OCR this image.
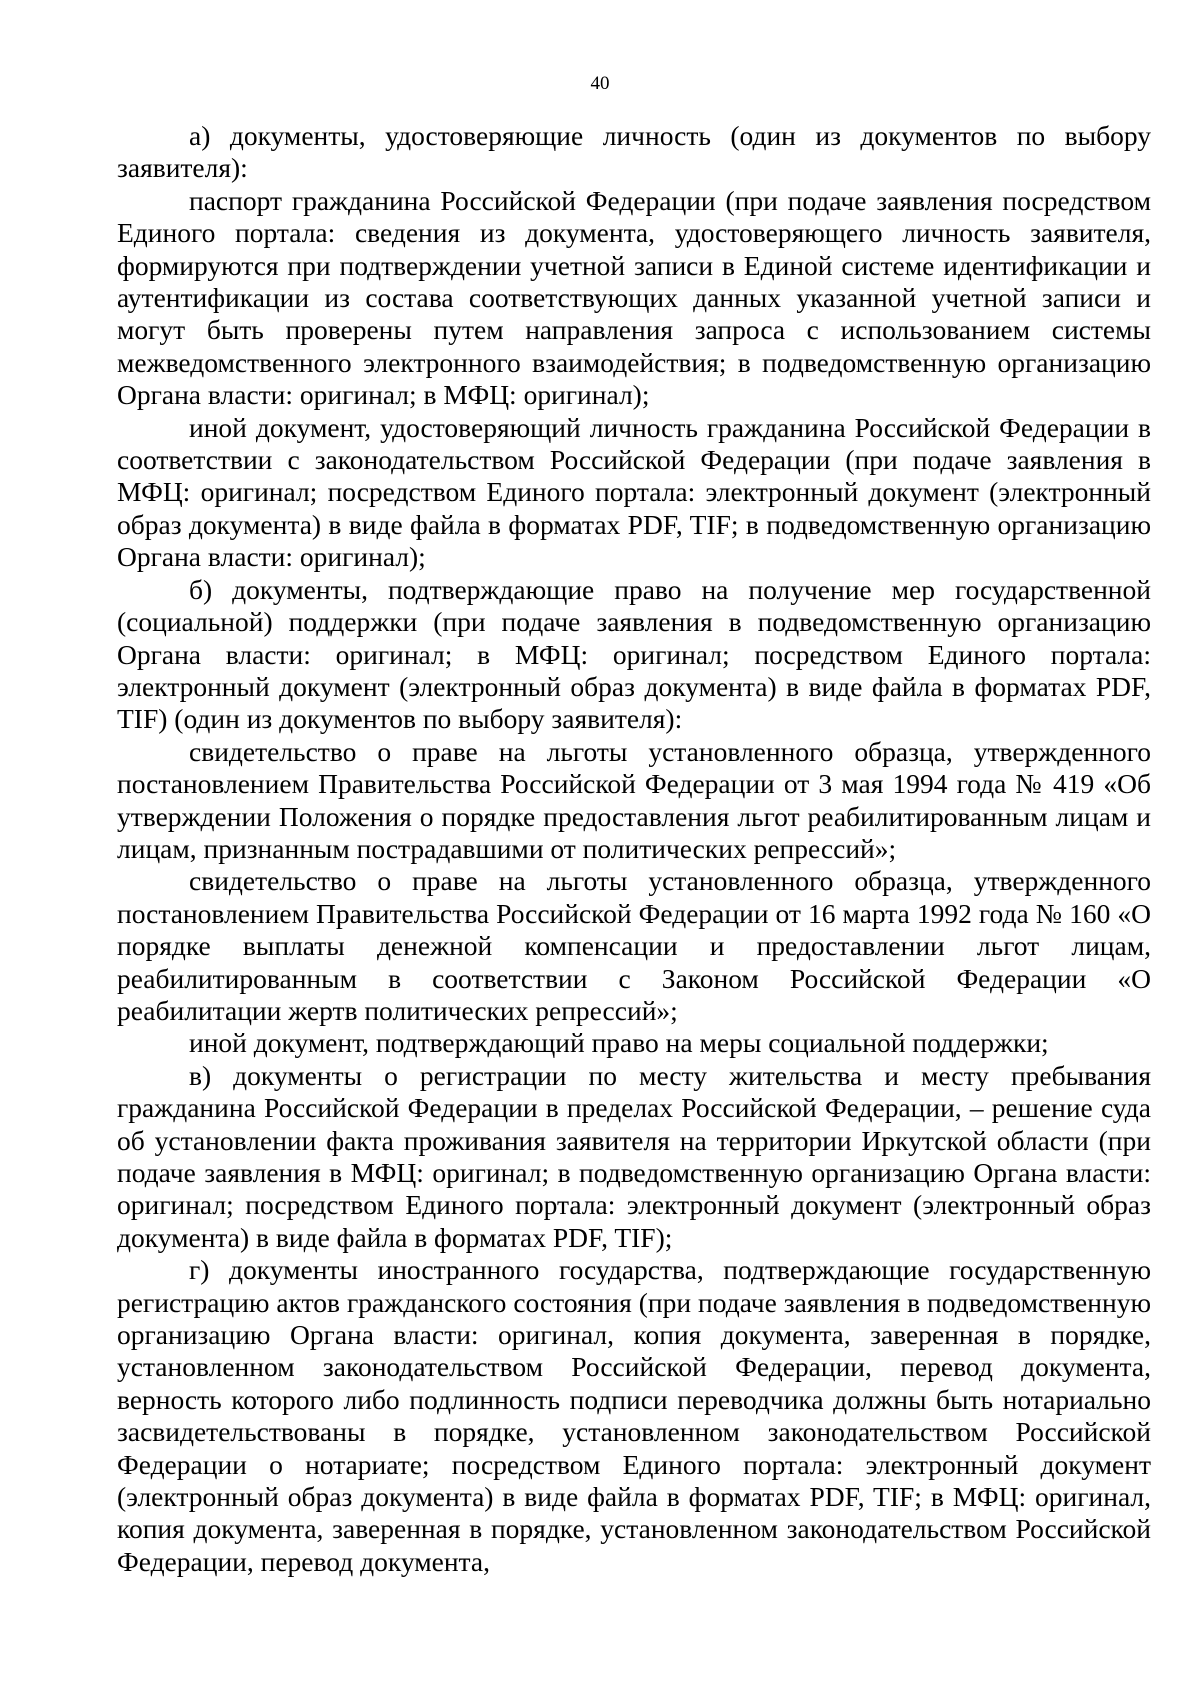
40

а) документы, удостоверяющие личность (один из документов по выбору заявителя):

паспорт гражданина Российской Федерации (при подаче заявления посредством Единого портала: сведения из документа, удостоверяющего личность заявителя, формируются при подтверждении учетной записи в Единой системе идентификации и аутентификации из состава соответствующих данных указанной учетной записи и могут быть проверены путем направления запроса с использованием системы межведомственного электронного взаимодействия; в подведомственную организацию Органа власти: оригинал; в МФЦ: оригинал);

иной документ, удостоверяющий личность гражданина Российской Федерации в соответствии с законодательством Российской Федерации (при подаче заявления в МФЦ: оригинал; посредством Единого портала: электронный документ (электронный образ документа) в виде файла в форматах PDF, TIF; в подведомственную организацию Органа власти: оригинал);

б) документы, подтверждающие право на получение мер государственной (социальной) поддержки (при подаче заявления в подведомственную организацию Органа власти: оригинал; в МФЦ: оригинал; посредством Единого портала: электронный документ (электронный образ документа) в виде файла в форматах PDF, TIF) (один из документов по выбору заявителя):

свидетельство о праве на льготы установленного образца, утвержденного постановлением Правительства Российской Федерации от 3 мая 1994 года № 419 «Об утверждении Положения о порядке предоставления льгот реабилитированным лицам и лицам, признанным пострадавшими от политических репрессий»;

свидетельство о праве на льготы установленного образца, утвержденного постановлением Правительства Российской Федерации от 16 марта 1992 года № 160 «О порядке выплаты денежной компенсации и предоставлении льгот лицам, реабилитированным в соответствии с Законом Российской Федерации «О реабилитации жертв политических репрессий»;

иной документ, подтверждающий право на меры социальной поддержки;

в) документы о регистрации по месту жительства и месту пребывания гражданина Российской Федерации в пределах Российской Федерации, – решение суда об установлении факта проживания заявителя на территории Иркутской области (при подаче заявления в МФЦ: оригинал; в подведомственную организацию Органа власти: оригинал; посредством Единого портала: электронный документ (электронный образ документа) в виде файла в форматах PDF, TIF);

г) документы иностранного государства, подтверждающие государственную регистрацию актов гражданского состояния (при подаче заявления в подведомственную организацию Органа власти: оригинал, копия документа, заверенная в порядке, установленном законодательством Российской Федерации, перевод документа, верность которого либо подлинность подписи переводчика должны быть нотариально засвидетельствованы в порядке, установленном законодательством Российской Федерации о нотариате; посредством Единого портала: электронный документ (электронный образ документа) в виде файла в форматах PDF, TIF; в МФЦ: оригинал, копия документа, заверенная в порядке, установленном законодательством Российской Федерации, перевод документа,
